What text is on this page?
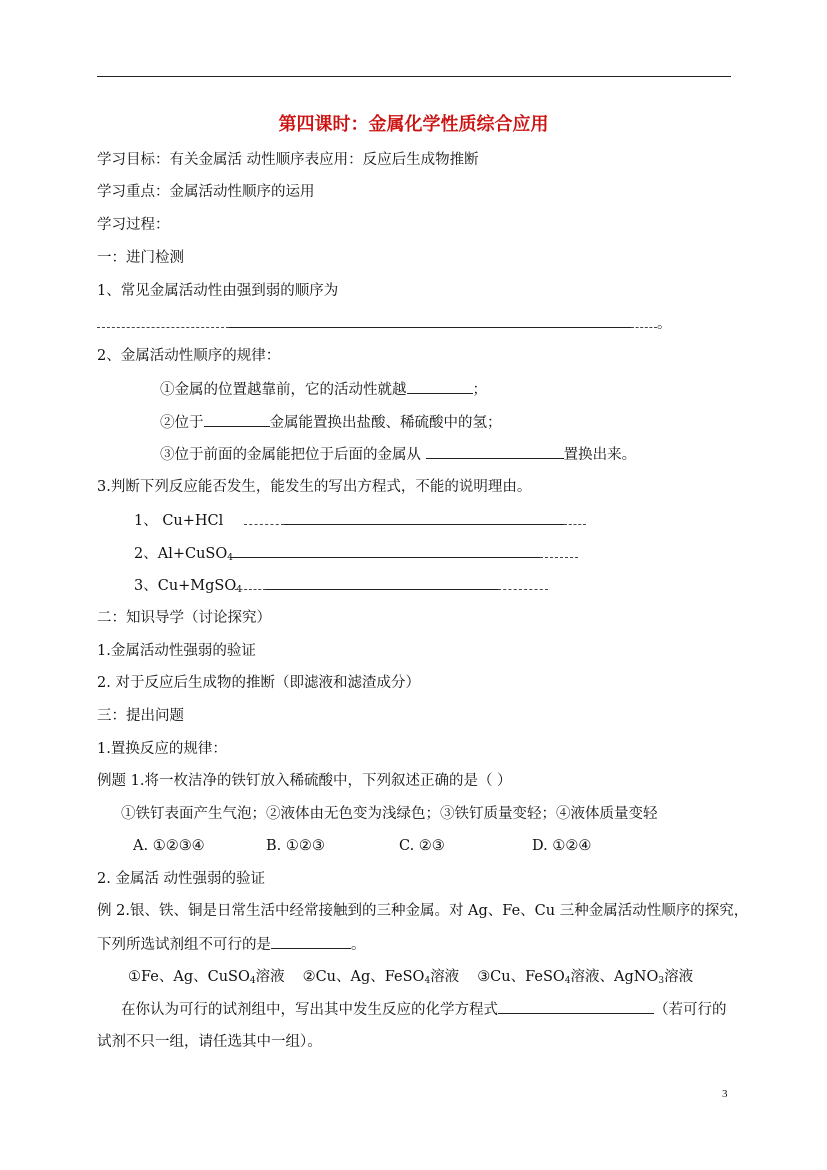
第四课时：金属化学性质综合应用
学习目标：有关金属活 动性顺序表应用：反应后生成物推断
学习重点：金属活动性顺序的运用
学习过程：
一：进门检测
1、常见金属活动性由强到弱的顺序为
。
2、金属活动性顺序的规律：
①金属的位置越靠前，它的活动性就越	；
②位于	金属能置换出盐酸、稀硫酸中的氢；
③位于前面的金属能把位于后面的金属从	置换出来。
3.判断下列反应能否发生，能发生的写出方程式，不能的说明理由。
1、 Cu+HCl
2、Al+CuSO$_4$
3、Cu+MgSO$_4$
二：知识导学（讨论探究）
1.金属活动性强弱的验证
2. 对于反应后生成物的推断（即滤液和滤渣成分）
三：提出问题
1.置换反应的规律：
例题 1.将一枚洁净的铁钉放入稀硫酸中，下列叙述正确的是（ ）
①铁钉表面产生气泡；②液体由无色变为浅绿色；③铁钉质量变轻；④液体质量变轻
A. ①②③④	B. ①②③	C. ②③	D. ①②④
2. 金属活 动性强弱的验证
例 2.银、铁、铜是日常生活中经常接触到的三种金属。对 Ag、Fe、Cu 三种金属活动性顺序的探究，
下列所选试剂组不可行的是	。
①Fe、Ag、CuSO$_4$溶液 ②Cu、Ag、FeSO$_4$溶液 ③Cu、FeSO$_4$溶液、AgNO$_3$溶液
在你认为可行的试剂组中，写出其中发生反应的化学方程式	（若可行的
试剂不只一组，请任选其中一组）。
3
